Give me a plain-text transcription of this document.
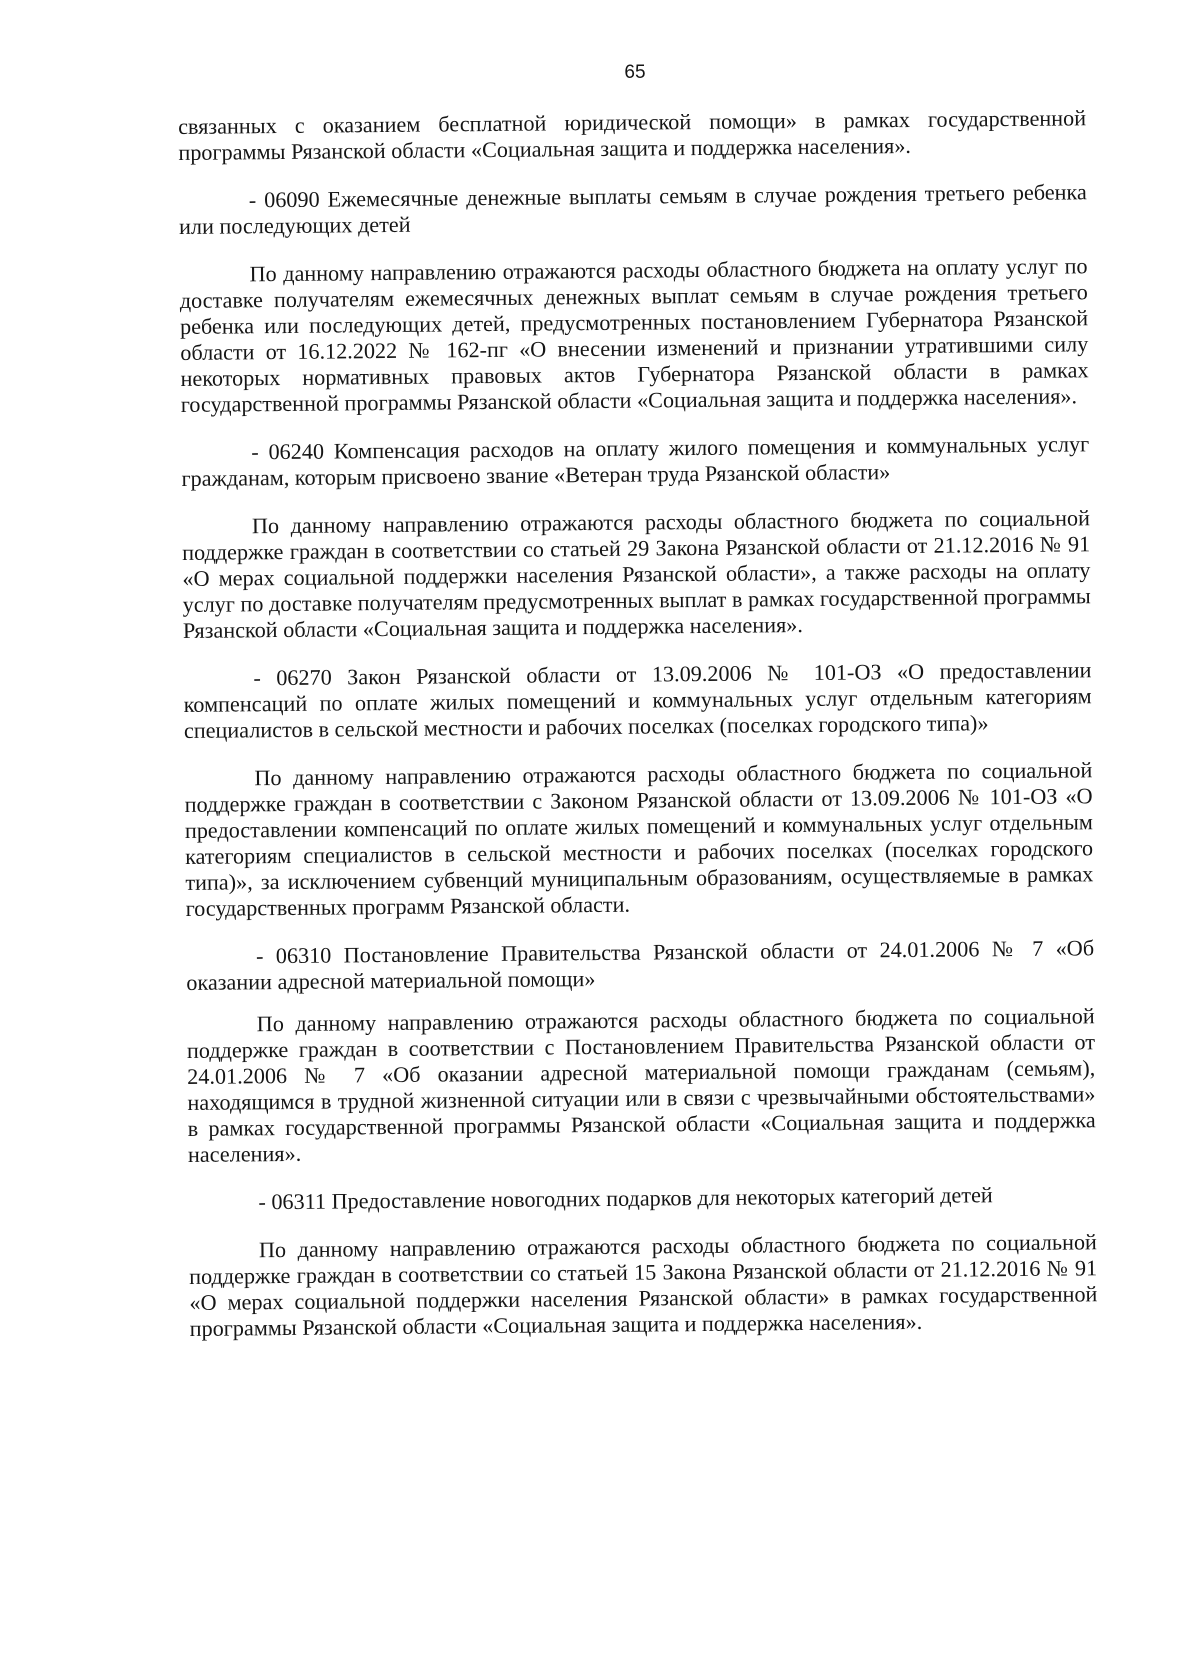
65

связанных с оказанием бесплатной юридической помощи» в рамках государственной программы Рязанской области «Социальная защита и поддержка населения».

- 06090 Ежемесячные денежные выплаты семьям в случае рождения третьего ребенка или последующих детей

По данному направлению отражаются расходы областного бюджета на оплату услуг по доставке получателям ежемесячных денежных выплат семьям в случае рождения третьего ребенка или последующих детей, предусмотренных постановлением Губернатора Рязанской области от 16.12.2022 № 162-пг «О внесении изменений и признании утратившими силу некоторых нормативных правовых актов Губернатора Рязанской области в рамках государственной программы Рязанской области «Социальная защита и поддержка населения».

- 06240 Компенсация расходов на оплату жилого помещения и коммунальных услуг гражданам, которым присвоено звание «Ветеран труда Рязанской области»

По данному направлению отражаются расходы областного бюджета по социальной поддержке граждан в соответствии со статьей 29 Закона Рязанской области от 21.12.2016 № 91 «О мерах социальной поддержки населения Рязанской области», а также расходы на оплату услуг по доставке получателям предусмотренных выплат в рамках государственной программы Рязанской области «Социальная защита и поддержка населения».

- 06270 Закон Рязанской области от 13.09.2006 № 101-ОЗ «О предоставлении компенсаций по оплате жилых помещений и коммунальных услуг отдельным категориям специалистов в сельской местности и рабочих поселках (поселках городского типа)»

По данному направлению отражаются расходы областного бюджета по социальной поддержке граждан в соответствии с Законом Рязанской области от 13.09.2006 № 101-ОЗ «О предоставлении компенсаций по оплате жилых помещений и коммунальных услуг отдельным категориям специалистов в сельской местности и рабочих поселках (поселках городского типа)», за исключением субвенций муниципальным образованиям, осуществляемые в рамках государственных программ Рязанской области.

- 06310 Постановление Правительства Рязанской области от 24.01.2006 № 7 «Об оказании адресной материальной помощи»

По данному направлению отражаются расходы областного бюджета по социальной поддержке граждан в соответствии с Постановлением Правительства Рязанской области от 24.01.2006 № 7 «Об оказании адресной материальной помощи гражданам (семьям), находящимся в трудной жизненной ситуации или в связи с чрезвычайными обстоятельствами» в рамках государственной программы Рязанской области «Социальная защита и поддержка населения».

- 06311 Предоставление новогодних подарков для некоторых категорий детей

По данному направлению отражаются расходы областного бюджета по социальной поддержке граждан в соответствии со статьей 15 Закона Рязанской области от 21.12.2016 № 91 «О мерах социальной поддержки населения Рязанской области» в рамках государственной программы Рязанской области «Социальная защита и поддержка населения».
